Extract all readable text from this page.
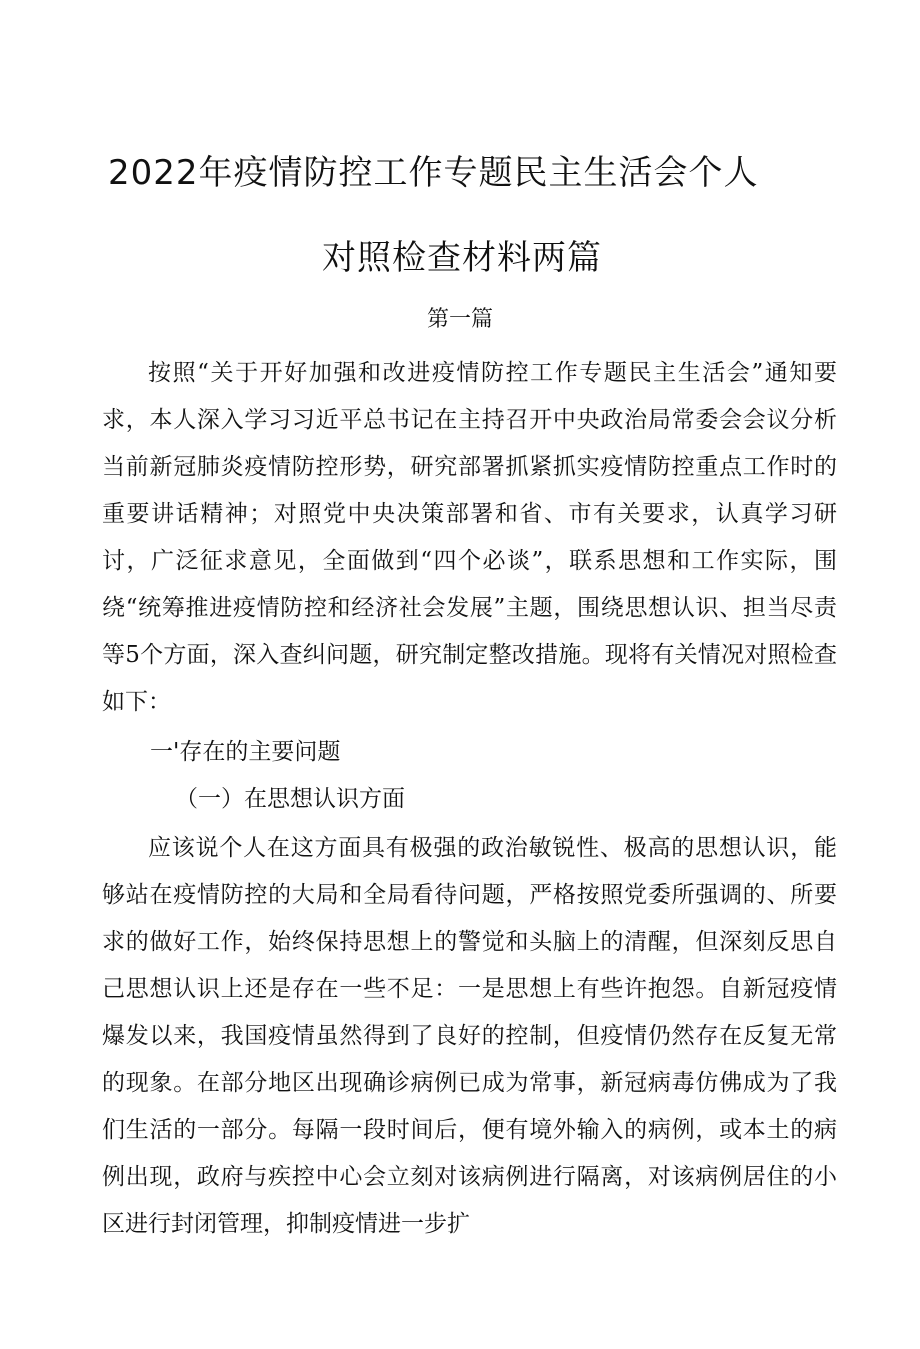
2022年疫情防控工作专题民主生活会个人
对照检查材料两篇
第一篇

按照“关于开好加强和改进疫情防控工作专题民主生活会”通知要求，本人深入学习习近平总书记在主持召开中央政治局常委会会议分析当前新冠肺炎疫情防控形势，研究部署抓紧抓实疫情防控重点工作时的重要讲话精神；对照党中央决策部署和省、市有关要求，认真学习研讨，广泛征求意见，全面做到“四个必谈”，联系思想和工作实际，围绕“统筹推进疫情防控和经济社会发展”主题，围绕思想认识、担当尽责等5个方面，深入查纠问题，研究制定整改措施。现将有关情况对照检查如下：

一'存在的主要问题
（一）在思想认识方面

应该说个人在这方面具有极强的政治敏锐性、极高的思想认识，能够站在疫情防控的大局和全局看待问题，严格按照党委所强调的、所要求的做好工作，始终保持思想上的警觉和头脑上的清醒，但深刻反思自己思想认识上还是存在一些不足：一是思想上有些许抱怨。自新冠疫情爆发以来，我国疫情虽然得到了良好的控制，但疫情仍然存在反复无常的现象。在部分地区出现确诊病例已成为常事，新冠病毒仿佛成为了我们生活的一部分。每隔一段时间后，便有境外输入的病例，或本土的病例出现，政府与疾控中心会立刻对该病例进行隔离，对该病例居住的小区进行封闭管理，抑制疫情进一步扩
